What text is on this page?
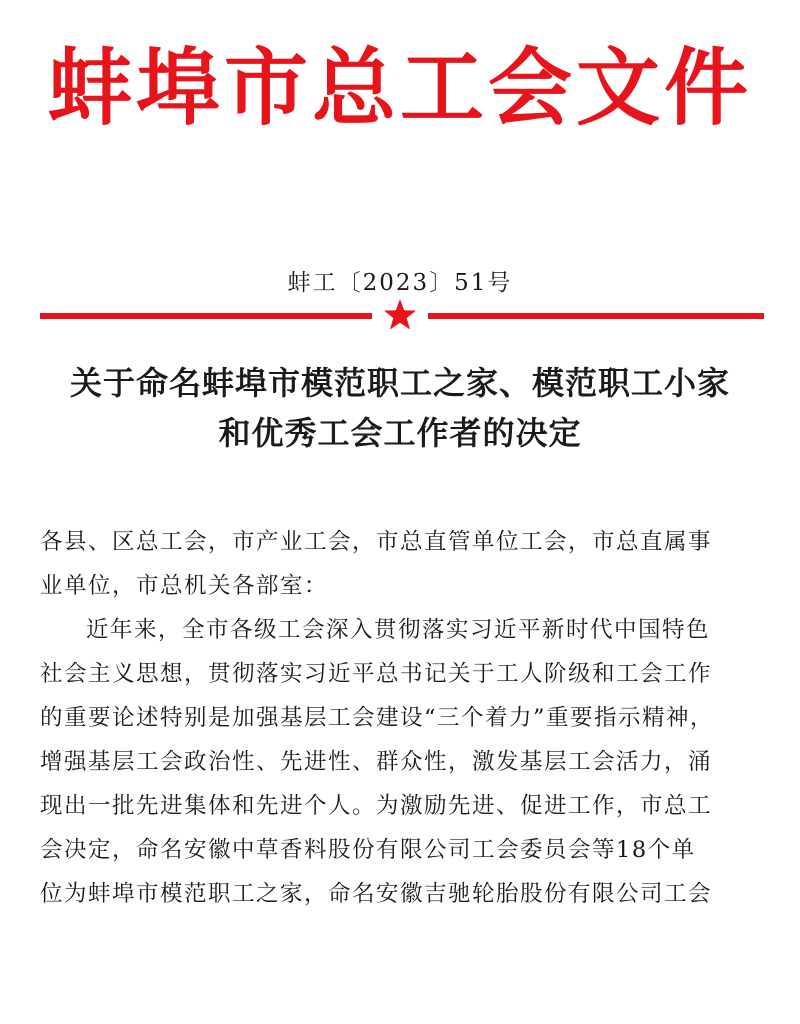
蚌埠市总工会文件
蚌工〔2023〕51号
关于命名蚌埠市模范职工之家、模范职工小家
和优秀工会工作者的决定
各县、区总工会，市产业工会，市总直管单位工会，市总直属事
业单位，市总机关各部室：
近年来，全市各级工会深入贯彻落实习近平新时代中国特色
社会主义思想，贯彻落实习近平总书记关于工人阶级和工会工作
的重要论述特别是加强基层工会建设“三个着力”重要指示精神，
增强基层工会政治性、先进性、群众性，激发基层工会活力，涌
现出一批先进集体和先进个人。为激励先进、促进工作，市总工
会决定，命名安徽中草香料股份有限公司工会委员会等18个单
位为蚌埠市模范职工之家，命名安徽吉驰轮胎股份有限公司工会
